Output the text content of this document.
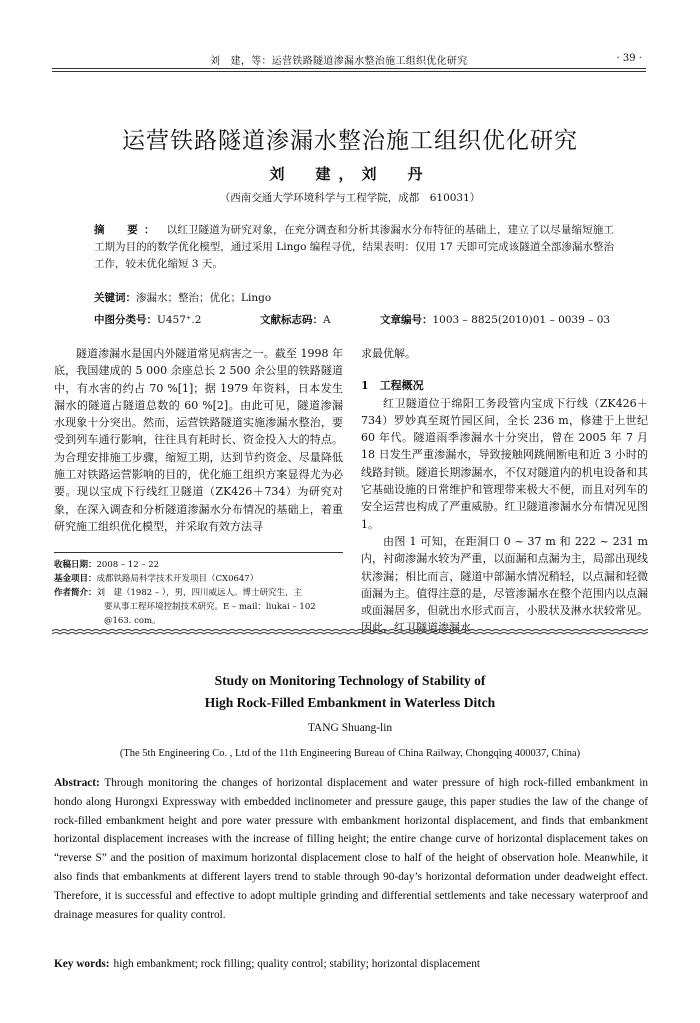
刘　建，等：运营铁路隧道渗漏水整治施工组织优化研究	· 39 ·
运营铁路隧道渗漏水整治施工组织优化研究
刘　建，刘　丹
（西南交通大学环境科学与工程学院，成都　610031）
摘　要： 以红卫隧道为研究对象，在充分调查和分析其渗漏水分布特征的基础上，建立了以尽量缩短施工工期为目的的数学优化模型，通过采用 Lingo 编程寻优，结果表明：仅用 17 天即可完成该隧道全部渗漏水整治工作，较未优化缩短 3 天。
关键词：渗漏水；整治；优化；Lingo
中图分类号：U457⁺.2	文献标志码：A	文章编号：1003 – 8825(2010)01 – 0039 – 03
隧道渗漏水是国内外隧道常见病害之一。截至 1998 年底，我国建成的 5 000 余座总长 2 500 余公里的铁路隧道中，有水害的约占 70 %[1]；据 1979 年资料，日本发生漏水的隧道占隧道总数的 60 %[2]。由此可见，隧道渗漏水现象十分突出。然而，运营铁路隧道实施渗漏水整治，要受到列车通行影响，往往具有耗时长、资金投入大的特点。为合理安排施工步骤，缩短工期，达到节约资金、尽量降低施工对铁路运营影响的目的，优化施工组织方案显得尤为必要。现以宝成下行线红卫隧道（ZK426＋734）为研究对象，在深入调查和分析隧道渗漏水分布情况的基础上，着重研究施工组织优化模型，并采取有效方法寻

求最优解。

1　工程概况

红卫隧道位于绵阳工务段管内宝成下行线（ZK426＋734）罗妙真至斑竹园区间，全长 236 m，修建于上世纪 60 年代。隧道雨季渗漏水十分突出，曾在 2005 年 7 月 18 日发生严重渗漏水，导致接触网跳闸断电和近 3 小时的线路封锁。隧道长期渗漏水，不仅对隧道内的机电设备和其它基础设施的日常维护和管理带来极大不便，而且对列车的安全运营也构成了严重威胁。红卫隧道渗漏水分布情况见图 1。

由图 1 可知，在距洞口 0 ~ 37 m 和 222 ~ 231 m 内，衬砌渗漏水较为严重，以面漏和点漏为主，局部出现线状渗漏；相比而言，隧道中部漏水情况稍轻，以点漏和轻微面漏为主。值得注意的是，尽管渗漏水在整个范围内以点漏或面漏居多，但就出水形式而言，小股状及淋水状较常见。因此，红卫隧道渗漏水

收稿日期：2008 – 12 – 22
基金项目：成都铁路局科学技术开发项目（CX0647）
作者简介：刘　建（1982 – ），男，四川威远人。博士研究生，主
要从事工程环境控制技术研究。E – mail：liukai – 102
@163. com。
Study on Monitoring Technology of Stability of
High Rock-Filled Embankment in Waterless Ditch
TANG Shuang-lin
(The 5th Engineering Co. , Ltd of the 11th Engineering Bureau of China Railway, Chongqing 400037, China)
Abstract: Through monitoring the changes of horizontal displacement and water pressure of high rock-filled embankment in hondo along Hurongxi Expressway with embedded inclinometer and pressure gauge, this paper studies the law of the change of rock-filled embankment height and pore water pressure with embankment horizontal displacement, and finds that embankment horizontal displacement increases with the increase of filling height; the entire change curve of horizontal displacement takes on “reverse S” and the position of maximum horizontal displacement close to half of the height of observation hole. Meanwhile, it also finds that embankments at different layers trend to stable through 90-day’s horizontal deformation under deadweight effect. Therefore, it is successful and effective to adopt multiple grinding and differential settlements and take necessary waterproof and drainage measures for quality control.
Key words: high embankment; rock filling; quality control; stability; horizontal displacement
